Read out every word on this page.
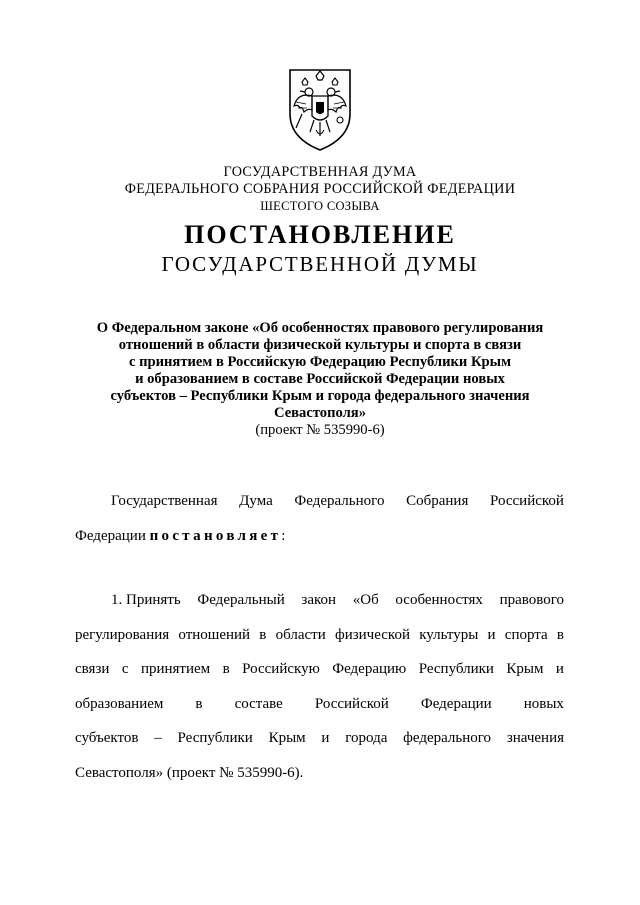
ГОСУДАРСТВЕННАЯ ДУМА
ФЕДЕРАЛЬНОГО СОБРАНИЯ РОССИЙСКОЙ ФЕДЕРАЦИИ
ШЕСТОГО СОЗЫВА
ПОСТАНОВЛЕНИЕ
ГОСУДАРСТВЕННОЙ ДУМЫ
О Федеральном законе «Об особенностях правового регулирования
отношений в области физической культуры и спорта в связи
с принятием в Российскую Федерацию Республики Крым
и образованием в составе Российской Федерации новых
субъектов – Республики Крым и города федерального значения
Севастополя»
(проект № 535990-6)
Государственная Дума Федерального Собрания Российской
Федерации постановляет:
1. Принять Федеральный закон «Об особенностях правового
регулирования отношений в области физической культуры и спорта в
связи с принятием в Российскую Федерацию Республики Крым и
образованием в составе Российской Федерации новых
субъектов – Республики Крым и города федерального значения
Севастополя» (проект № 535990-6).
